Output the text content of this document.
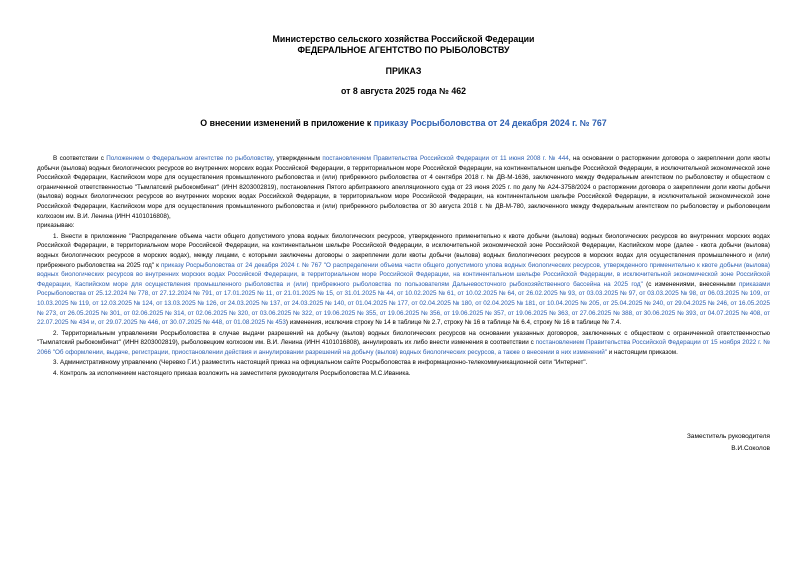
Министерство сельского хозяйства Российской Федерации
ФЕДЕРАЛЬНОЕ АГЕНТСТВО ПО РЫБОЛОВСТВУ
ПРИКАЗ
от 8 августа 2025 года № 462
О внесении изменений в приложение к приказу Росрыболовства от 24 декабря 2024 г. № 767

В соответствии с Положением о Федеральном агентстве по рыболовству, утвержденным постановлением Правительства Российской Федерации от 11 июня 2008 г. № 444, на основании о расторжении договора о закреплении доли квоты добычи (вылова) водных биологических ресурсов во внутренних морских водах Российской Федерации, в территориальном море Российской Федерации, на континентальном шельфе Российской Федерации, в исключительной экономической зоне Российской Федерации, Каспийском море для осуществления промышленного рыболовства и (или) прибрежного рыболовства от 4 сентября 2018 г. № ДВ-М-1636, заключенного между Федеральным агентством по рыболовству и обществом с ограниченной ответственностью "Тымлатский рыбокомбинат" (ИНН 8203002819), постановления Пятого арбитражного апелляционного суда от 23 июня 2025 г. по делу № А24-3758/2024 о расторжении договора о закреплении доли квоты добычи (вылова) водных биологических ресурсов во внутренних морских водах Российской Федерации, в территориальном море Российской Федерации, на континентальном шельфе Российской Федерации, в исключительной экономической зоне Российской Федерации, Каспийском море для осуществления промышленного рыболовства и (или) прибрежного рыболовства от 30 августа 2018 г. № ДВ-М-780, заключенного между Федеральным агентством по рыболовству и рыболовецким колхозом им. В.И. Ленина (ИНН 4101016808),

приказываю:

1. Внести в приложение "Распределение объема части общего допустимого улова водных биологических ресурсов, утвержденного применительно к квоте добычи (вылова) водных биологических ресурсов во внутренних морских водах Российской Федерации, в территориальном море Российской Федерации, на континентальном шельфе Российской Федерации, в исключительной экономической зоне Российской Федерации, Каспийском море (далее - квота добычи (вылова) водных биологических ресурсов в морских водах), между лицами, с которыми заключены договоры о закреплении доли квоты добычи (вылова) водных биологических ресурсов в морских водах для осуществления промышленного и (или) прибрежного рыболовства на 2025 год" к приказу Росрыболовства от 24 декабря 2024 г. № 767 "О распределении объема части общего допустимого улова водных биологических ресурсов, утвержденного применительно к квоте добычи (вылова) водных биологических ресурсов во внутренних морских водах Российской Федерации, в территориальном море Российской Федерации, на континентальном шельфе Российской Федерации, в исключительной экономической зоне Российской Федерации, Каспийском море для осуществления промышленного рыболовства и (или) прибрежного рыболовства по пользователям Дальневосточного рыбохозяйственного бассейна на 2025 год" (с изменениями, внесенными приказами Росрыболовства от 25.12.2024 № 778, от 27.12.2024 № 791, от 17.01.2025 № 11, от 21.01.2025 № 15, от 31.01.2025 № 44, от 10.02.2025 № 61, от 10.02.2025 № 64, от 26.02.2025 № 93, от 03.03.2025 № 97, от 03.03.2025 № 98, от 06.03.2025 № 109, от 10.03.2025 № 119, от 12.03.2025 № 124, от 13.03.2025 № 126, от 24.03.2025 № 137, от 24.03.2025 № 140, от 01.04.2025 № 177, от 02.04.2025 № 180, от 02.04.2025 № 181, от 10.04.2025 № 205, от 25.04.2025 № 240, от 29.04.2025 № 246, от 16.05.2025 № 273, от 26.05.2025 № 301, от 02.06.2025 № 314, от 02.06.2025 № 320, от 03.06.2025 № 322, от 19.06.2025 № 355, от 19.06.2025 № 356, от 19.06.2025 № 357, от 19.06.2025 № 363, от 27.06.2025 № 388, от 30.06.2025 № 393, от 04.07.2025 № 408, от 22.07.2025 № 434 и, от 29.07.2025 № 446, от 30.07.2025 № 448, от 01.08.2025 № 453) изменения, исключив строку № 14 в таблице № 2.7, строку № 16 в таблице № 6.4, строку № 16 в таблице № 7.4.

2. Территориальным управлениям Росрыболовства в случае выдачи разрешений на добычу (вылов) водных биологических ресурсов на основании указанных договоров, заключенных с обществом с ограниченной ответственностью "Тымлатский рыбокомбинат" (ИНН 8203002819), рыболовецким колхозом им. В.И. Ленина (ИНН 4101016808), аннулировать их либо внести изменения в соответствии с постановлением Правительства Российской Федерации от 15 ноября 2022 г. № 2066 "Об оформлении, выдаче, регистрации, приостановлении действия и аннулировании разрешений на добычу (вылов) водных биологических ресурсов, а также о внесении в них изменений" и настоящим приказом.

3. Административному управлению (Черевко Г.И.) разместить настоящий приказ на официальном сайте Росрыболовства в информационно-телекоммуникационной сети "Интернет".

4. Контроль за исполнением настоящего приказа возложить на заместителя руководителя Росрыболовства М.С.Иваника.

Заместитель руководителя
В.И.Соколов
